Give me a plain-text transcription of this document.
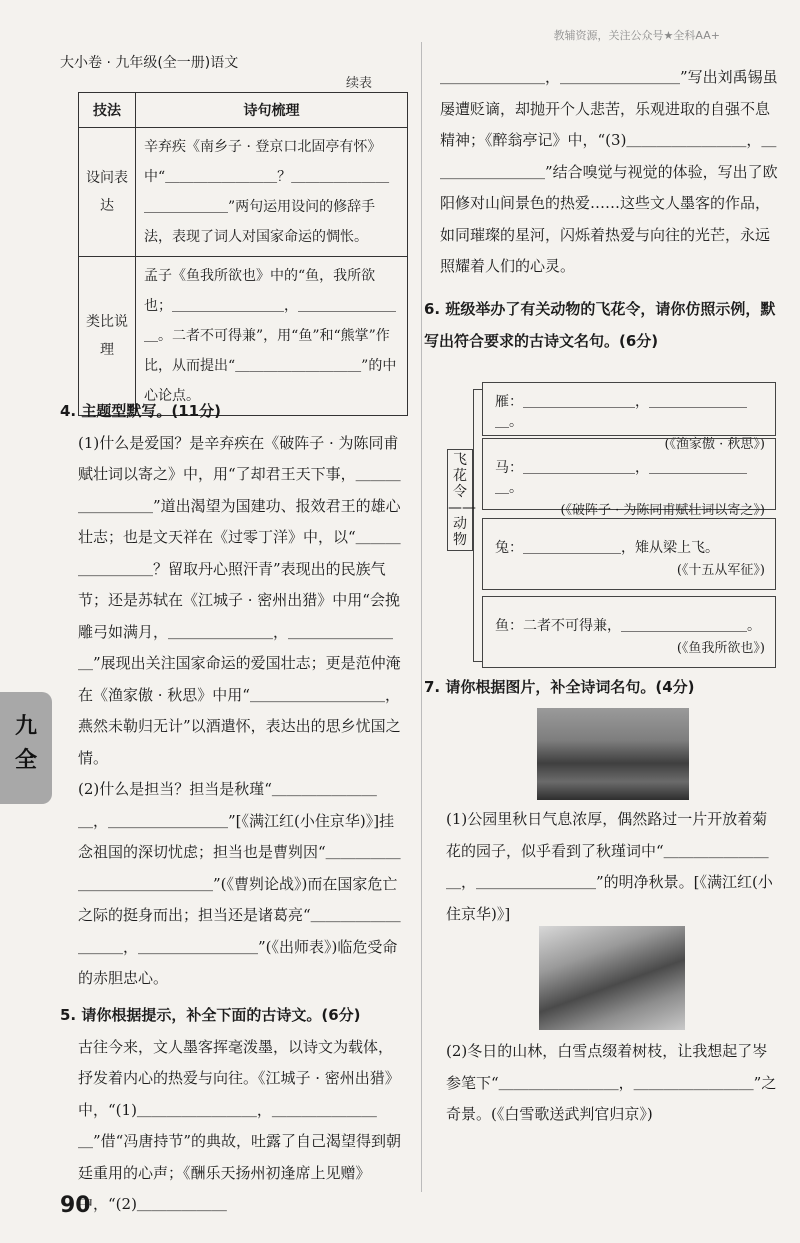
教辅资源，关注公众号★全科AA+
大小卷 · 九年级(全一册)语文
续表
技法	诗句梳理
设问表达	辛弃疾《南乡子 · 登京口北固亭有怀》中“＿＿＿＿＿＿＿＿？＿＿＿＿＿＿＿＿＿＿＿＿＿”两句运用设问的修辞手法，表现了词人对国家命运的惆怅。
类比说理	孟子《鱼我所欲也》中的“鱼，我所欲也；＿＿＿＿＿＿＿＿，＿＿＿＿＿＿＿＿。二者不可得兼”，用“鱼”和“熊掌”作比，从而提出“＿＿＿＿＿＿＿＿＿”的中心论点。
4. 主题型默写。(11分)
(1)什么是爱国？是辛弃疾在《破阵子 · 为陈同甫赋壮词以寄之》中，用“了却君王天下事，＿＿＿＿＿＿＿＿”道出渴望为国建功、报效君王的雄心壮志；也是文天祥在《过零丁洋》中，以“＿＿＿＿＿＿＿＿？留取丹心照汗青”表现出的民族气节；还是苏轼在《江城子 · 密州出猎》中用“会挽雕弓如满月，＿＿＿＿＿＿＿，＿＿＿＿＿＿＿＿”展现出关注国家命运的爱国壮志；更是范仲淹在《渔家傲 · 秋思》中用“＿＿＿＿＿＿＿＿＿，燕然未勒归无计”以酒遣怀，表达出的思乡忧国之情。
(2)什么是担当？担当是秋瑾“＿＿＿＿＿＿＿＿，＿＿＿＿＿＿＿＿”[《满江红(小住京华)》]挂念祖国的深切忧虑；担当也是曹刿因“＿＿＿＿＿＿＿＿＿＿＿＿＿＿”(《曹刿论战》)而在国家危亡之际的挺身而出；担当还是诸葛亮“＿＿＿＿＿＿＿＿＿，＿＿＿＿＿＿＿＿”(《出师表》)临危受命的赤胆忠心。
5. 请你根据提示，补全下面的古诗文。(6分)
古往今来，文人墨客挥毫泼墨，以诗文为载体，抒发着内心的热爱与向往。《江城子 · 密州出猎》中，“(1)＿＿＿＿＿＿＿＿，＿＿＿＿＿＿＿＿”借“冯唐持节”的典故，吐露了自己渴望得到朝廷重用的心声；《酬乐天扬州初逢席上见赠》中，“(2)＿＿＿＿＿＿
＿＿＿＿＿＿＿，＿＿＿＿＿＿＿＿”写出刘禹锡虽屡遭贬谪，却抛开个人悲苦，乐观进取的自强不息精神；《醉翁亭记》中，“(3)＿＿＿＿＿＿＿＿，＿＿＿＿＿＿＿＿”结合嗅觉与视觉的体验，写出了欧阳修对山间景色的热爱……这些文人墨客的作品，如同璀璨的星河，闪烁着热爱与向往的光芒，永远照耀着人们的心灵。
6. 班级举办了有关动物的飞花令，请你仿照示例，默写出符合要求的古诗文名句。(6分)
飞花令——动物
雁：＿＿＿＿＿＿＿＿，＿＿＿＿＿＿＿＿。
(《渔家傲 · 秋思》)
马：＿＿＿＿＿＿＿＿，＿＿＿＿＿＿＿＿。
(《破阵子 · 为陈同甫赋壮词以寄之》)
兔：＿＿＿＿＿＿＿，雉从梁上飞。
(《十五从军征》)
鱼：二者不可得兼，＿＿＿＿＿＿＿＿＿。
(《鱼我所欲也》)
7. 请你根据图片，补全诗词名句。(4分)
(1)公园里秋日气息浓厚，偶然路过一片开放着菊花的园子，似乎看到了秋瑾词中“＿＿＿＿＿＿＿＿，＿＿＿＿＿＿＿＿”的明净秋景。[《满江红(小住京华)》]
(2)冬日的山林，白雪点缀着树枝，让我想起了岑参笔下“＿＿＿＿＿＿＿＿，＿＿＿＿＿＿＿＿”之奇景。(《白雪歌送武判官归京》)
九全
90
